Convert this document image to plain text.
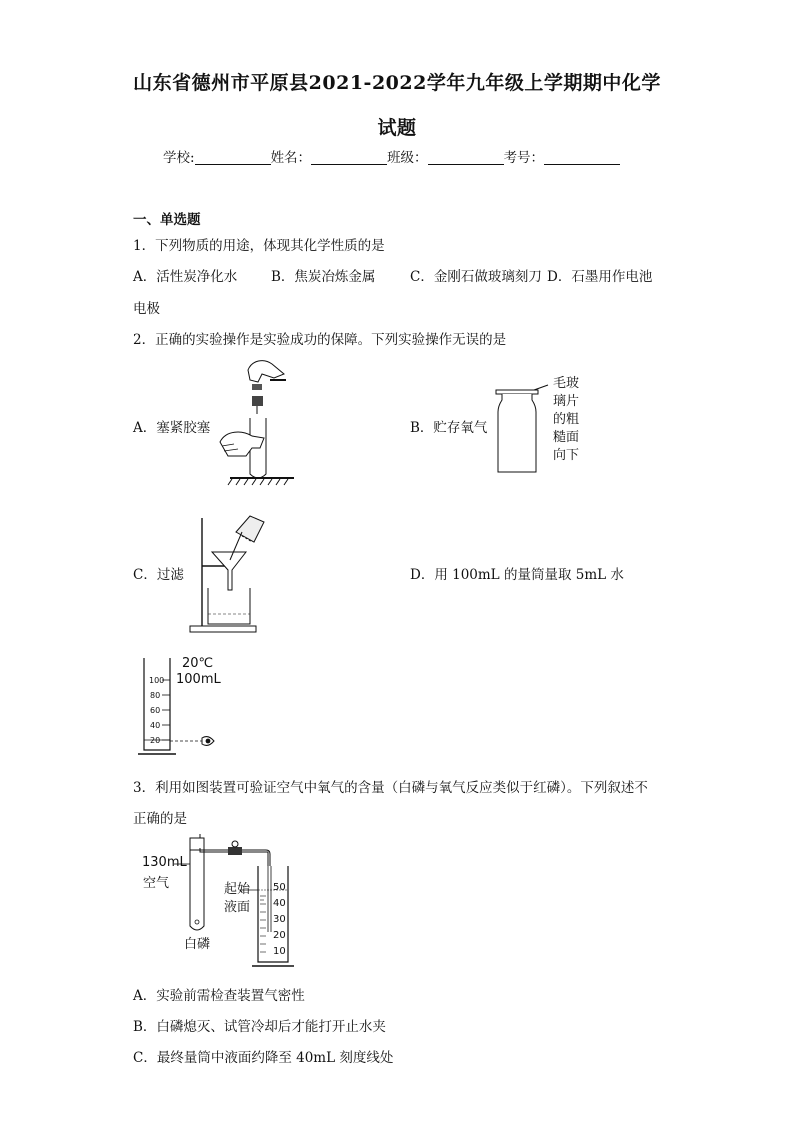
山东省德州市平原县2021-2022学年九年级上学期期中化学
试题
学校:	姓名：	班级：	考号：
一、单选题
1．下列物质的用途，体现其化学性质的是
A．活性炭净化水	B．焦炭冶炼金属	C．金刚石做玻璃刻刀 D．石墨用作电池
电极
2．正确的实验操作是实验成功的保障。下列实验操作无误的是
A．塞紧胶塞	B．贮存氧气
C．过滤	D．用 100mL 的量筒量取 5mL 水
毛玻
璃片
的粗
糙面
向下
20℃
100mL
100
80
60
40
20
3．利用如图装置可验证空气中氧气的含量（白磷与氧气反应类似于红磷）。下列叙述不
正确的是
130mL
空气
白磷
起始
液面
50
40
30
20
10
A．实验前需检查装置气密性
B．白磷熄灭、试管冷却后才能打开止水夹
C．最终量筒中液面约降至 40mL 刻度线处
